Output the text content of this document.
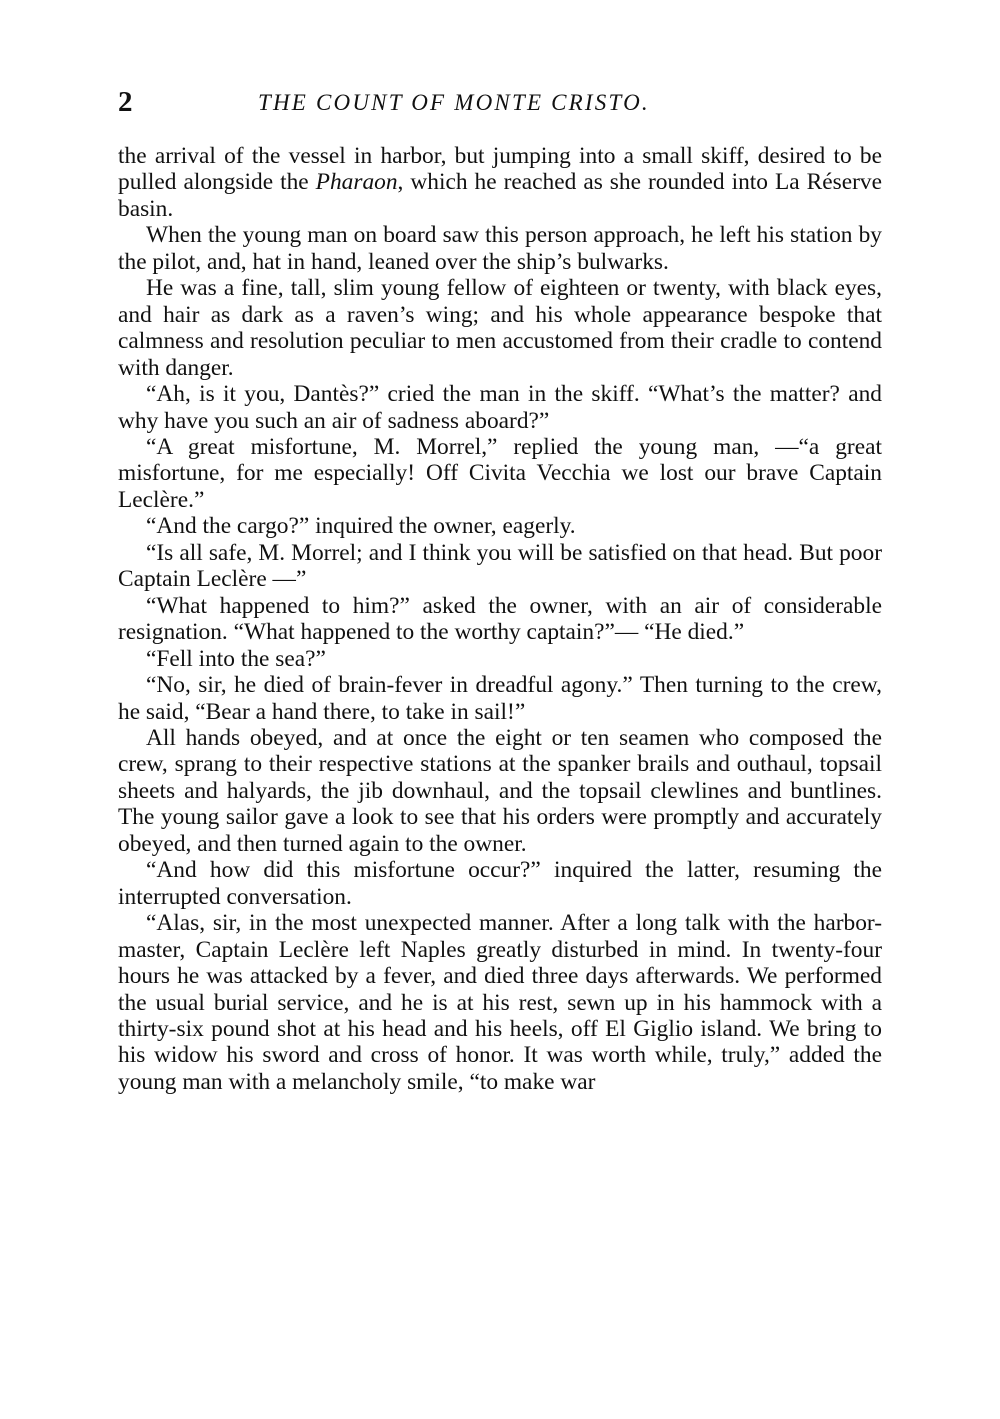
2	THE COUNT OF MONTE CRISTO.

the arrival of the vessel in harbor, but jumping into a small skiff, desired to be pulled alongside the Pharaon, which he reached as she rounded into La Réserve basin.

When the young man on board saw this person approach, he left his station by the pilot, and, hat in hand, leaned over the ship’s bulwarks.

He was a fine, tall, slim young fellow of eighteen or twenty, with black eyes, and hair as dark as a raven’s wing; and his whole appearance bespoke that calmness and resolution peculiar to men accustomed from their cradle to contend with danger.

“Ah, is it you, Dantès?” cried the man in the skiff. “What’s the matter? and why have you such an air of sadness aboard?”

“A great misfortune, M. Morrel,” replied the young man, —“a great misfortune, for me especially! Off Civita Vecchia we lost our brave Captain Leclère.”

“And the cargo?” inquired the owner, eagerly.

“Is all safe, M. Morrel; and I think you will be satisfied on that head. But poor Captain Leclère —”

“What happened to him?” asked the owner, with an air of considerable resignation. “What happened to the worthy captain?”— “He died.”

“Fell into the sea?”

“No, sir, he died of brain-fever in dreadful agony.” Then turning to the crew, he said, “Bear a hand there, to take in sail!”

All hands obeyed, and at once the eight or ten seamen who composed the crew, sprang to their respective stations at the spanker brails and outhaul, topsail sheets and halyards, the jib downhaul, and the topsail clewlines and buntlines. The young sailor gave a look to see that his orders were promptly and accurately obeyed, and then turned again to the owner.

“And how did this misfortune occur?” inquired the latter, resuming the interrupted conversation.

“Alas, sir, in the most unexpected manner. After a long talk with the harbor-master, Captain Leclère left Naples greatly disturbed in mind. In twenty-four hours he was attacked by a fever, and died three days afterwards. We performed the usual burial service, and he is at his rest, sewn up in his hammock with a thirty-six pound shot at his head and his heels, off El Giglio island. We bring to his widow his sword and cross of honor. It was worth while, truly,” added the young man with a melancholy smile, “to make war
